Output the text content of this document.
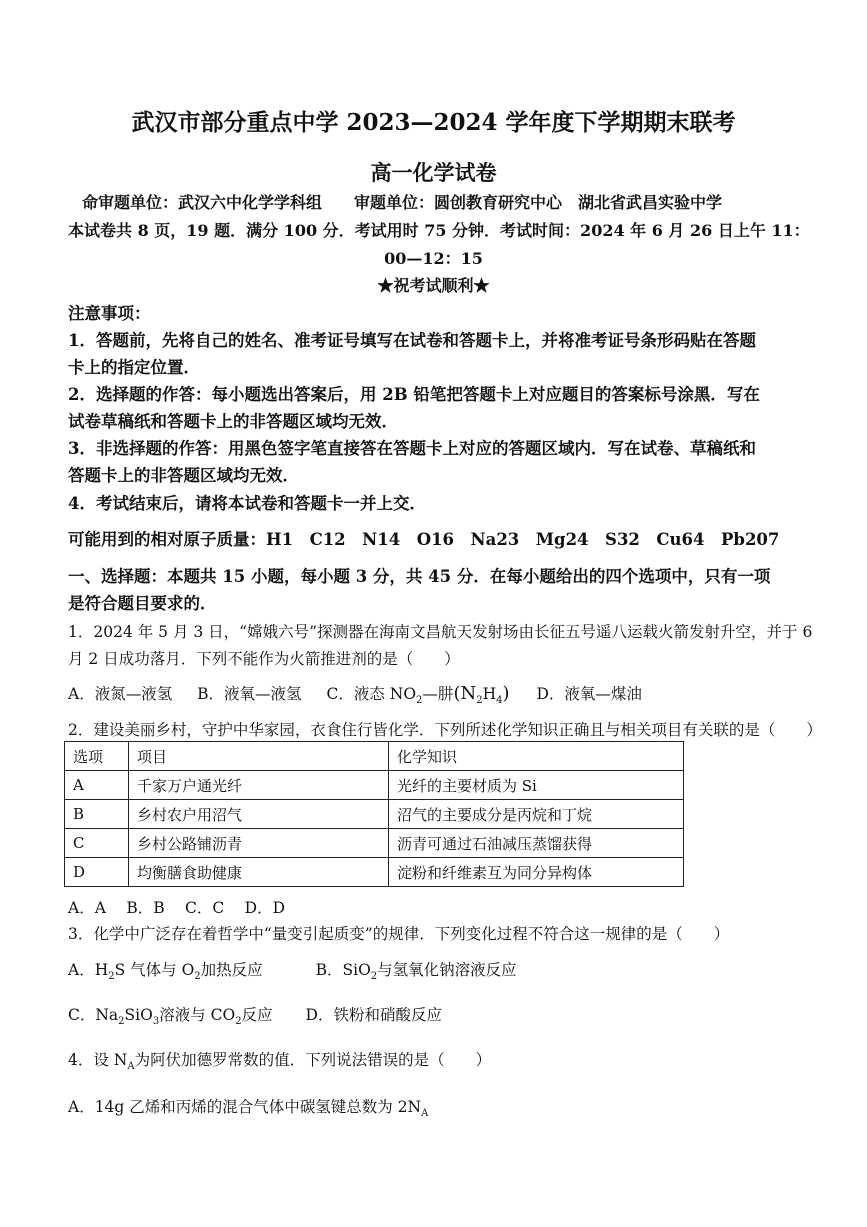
武汉市部分重点中学 2023—2024 学年度下学期期末联考
高一化学试卷
命审题单位：武汉六中化学学科组　　审题单位：圆创教育研究中心　湖北省武昌实验中学
本试卷共 8 页，19 题．满分 100 分．考试用时 75 分钟．考试时间：2024 年 6 月 26 日上午 11：
00—12：15
★祝考试顺利★
注意事项：
1．答题前，先将自己的姓名、准考证号填写在试卷和答题卡上，并将准考证号条形码贴在答题
卡上的指定位置．
2．选择题的作答：每小题选出答案后，用 2B 铅笔把答题卡上对应题目的答案标号涂黑．写在
试卷草稿纸和答题卡上的非答题区域均无效．
3．非选择题的作答：用黑色签字笔直接答在答题卡上对应的答题区域内．写在试卷、草稿纸和
答题卡上的非答题区域均无效．
4．考试结束后，请将本试卷和答题卡一并上交．
可能用到的相对原子质量：H1　C12　N14　O16　Na23　Mg24　S32　Cu64　Pb207
一、选择题：本题共 15 小题，每小题 3 分，共 45 分．在每小题给出的四个选项中，只有一项
是符合题目要求的．
1．2024 年 5 月 3 日，“嫦娥六号”探测器在海南文昌航天发射场由长征五号遥八运载火箭发射升空，并于 6
月 2 日成功落月．下列不能作为火箭推进剂的是（　　）
A．液氮—液氢 B．液氧—液氢 C．液态 $NO_2—$肼$(N_2H_4)$ D．液氧—煤油
2．建设美丽乡村，守护中华家园，衣食住行皆化学．下列所述化学知识正确且与相关项目有关联的是（　　）
选项	项目	化学知识
A	千家万户通光纤	光纤的主要材质为 Si
B	乡村农户用沼气	沼气的主要成分是丙烷和丁烷
C	乡村公路铺沥青	沥青可通过石油减压蒸馏获得
D	均衡膳食助健康	淀粉和纤维素互为同分异构体
A．A　 B．B　 C．C　 D．D
3．化学中广泛存在着哲学中“量变引起质变”的规律．下列变化过程不符合这一规律的是（　　）
A．$H_2S$ 气体与 $O_2$加热反应	B．SiO$_2$与氢氧化钠溶液反应
C．$Na_2SiO_3$溶液与 $CO_2$反应 D．铁粉和硝酸反应
4．设 $N_A$为阿伏加德罗常数的值．下列说法错误的是（　　）
A．14g 乙烯和丙烯的混合气体中碳氢键总数为 $2N_A$
